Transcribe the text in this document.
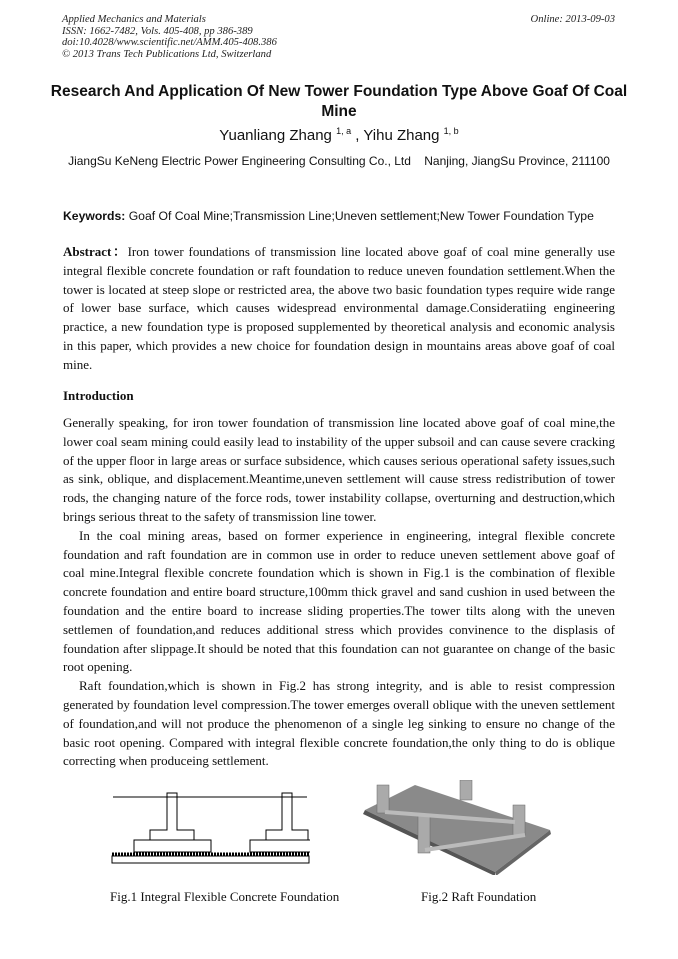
Applied Mechanics and Materials
ISSN: 1662-7482, Vols. 405-408, pp 386-389
doi:10.4028/www.scientific.net/AMM.405-408.386
© 2013 Trans Tech Publications Ltd, Switzerland
Online: 2013-09-03
Research And Application Of New Tower Foundation Type Above Goaf Of Coal Mine
Yuanliang Zhang $^{1, a}$ , Yihu Zhang $^{1, b}$
JiangSu KeNeng Electric Power Engineering Consulting Co., Ltd    Nanjing, JiangSu Province, 211100
Keywords: Goaf Of Coal Mine;Transmission Line;Uneven settlement;New Tower Foundation Type

Abstract：Iron tower foundations of transmission line located above goaf of coal mine generally use integral flexible concrete foundation or raft foundation to reduce uneven foundation settlement.When the tower is located at steep slope or restricted area, the above two basic foundation types require wide range of lower base surface, which causes widespread environmental damage.Consideratiing engineering practice, a new foundation type is proposed supplemented by theoretical analysis and economic analysis in this paper, which provides a new choice for foundation design in mountains areas above goaf of coal mine.

Introduction

Generally speaking, for iron tower foundation of transmission line located above goaf of coal mine,the lower coal seam mining could easily lead to instability of the upper subsoil and can cause severe cracking of the upper floor in large areas or surface subsidence, which causes serious operational safety issues,such as sink, oblique, and displacement.Meantime,uneven settlement will cause stress redistribution of tower rods, the changing nature of the force rods, tower instability collapse, overturning and destruction,which brings serious threat to the safety of transmission line tower.

In the coal mining areas, based on former experience in engineering, integral flexible concrete foundation and raft foundation are in common use in order to reduce uneven settlement above goaf of coal mine.Integral flexible concrete foundation which is shown in Fig.1 is the combination of flexible concrete foundation and entire board structure,100mm thick gravel and sand cushion in used between the foundation and the entire board to increase sliding properties.The tower tilts along with the uneven settlemen of foundation,and reduces additional stress which provides convinence to the displasis of foundation after slippage.It should be noted that this foundation can not guarantee on change of the basic root opening.

Raft foundation,which is shown in Fig.2 has strong integrity, and is able to resist compression generated by foundation level compression.The tower emerges overall oblique with the uneven settlement of foundation,and will not produce the phenomenon of a single leg sinking to ensure no change of the basic root opening. Compared with integral flexible concrete foundation,the only thing to do is oblique correcting when produceing settlement.

Fig.1 Integral Flexible Concrete Foundation	Fig.2 Raft Foundation
